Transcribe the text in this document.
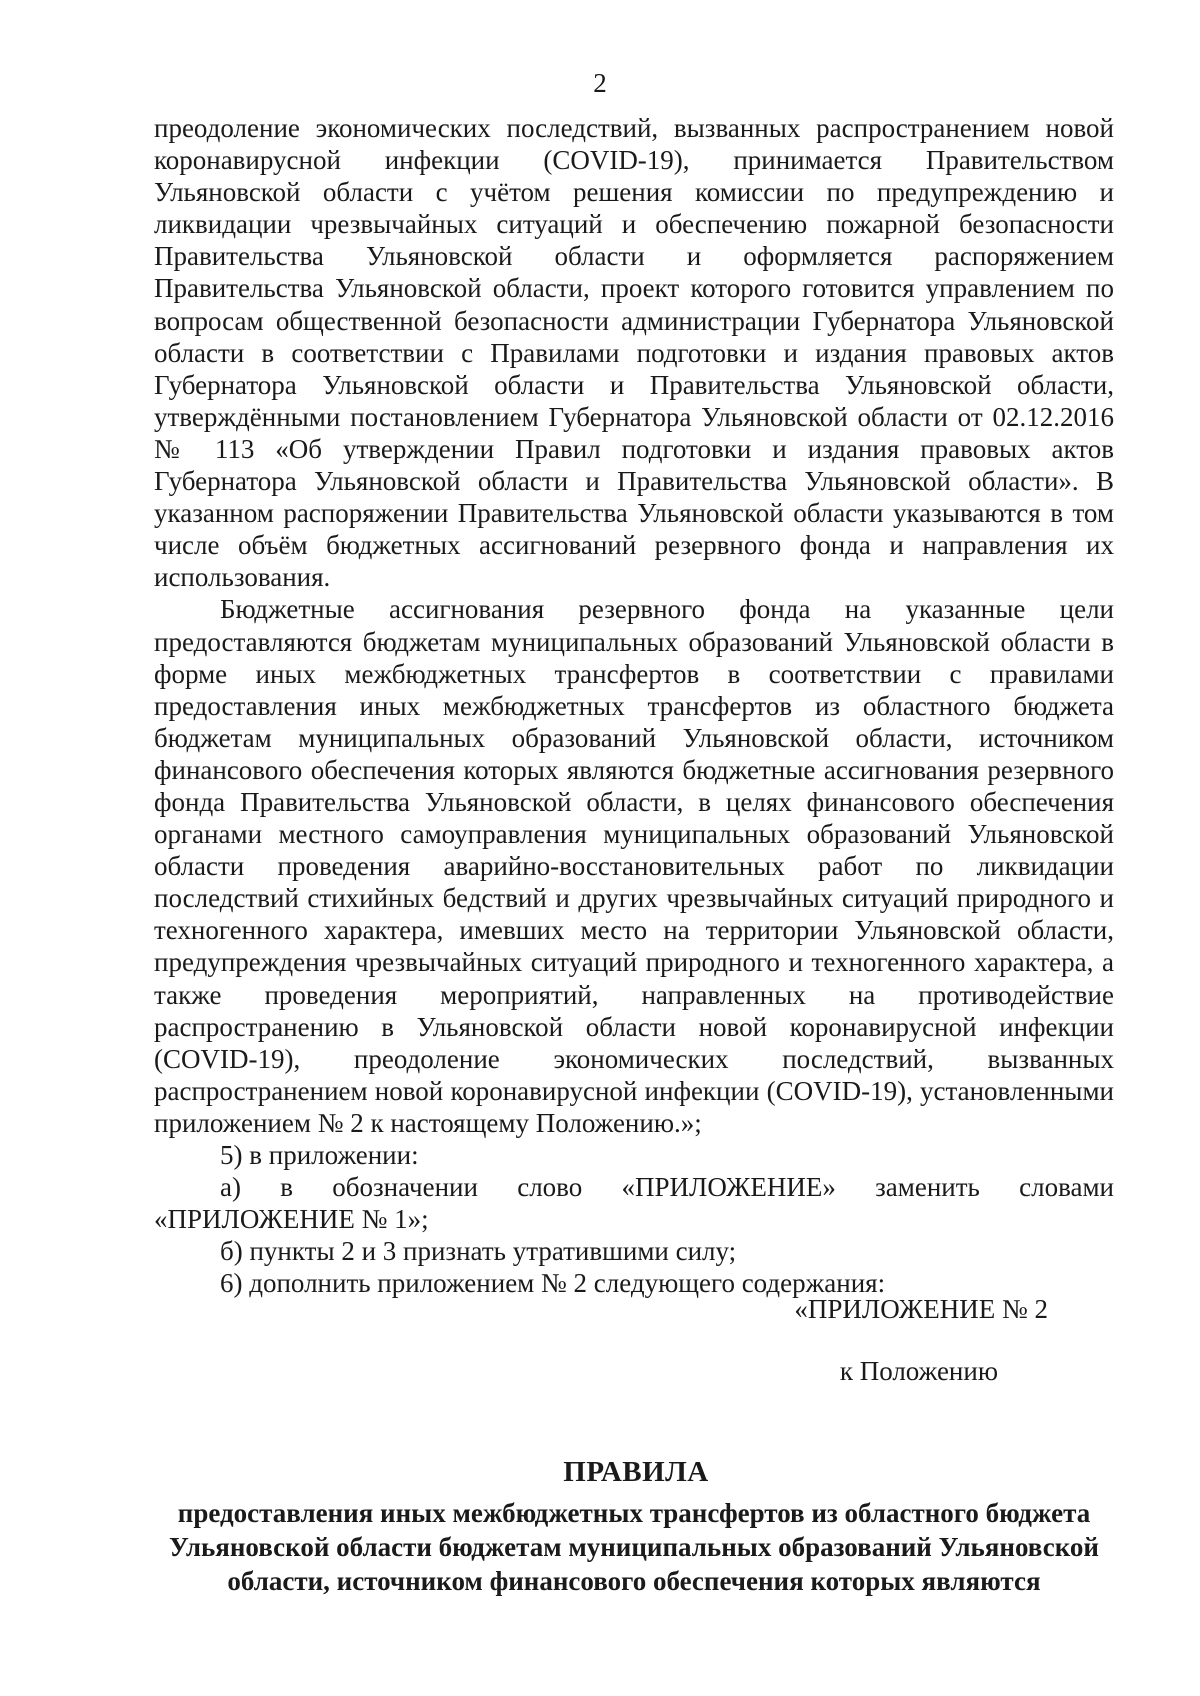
2

преодоление экономических последствий, вызванных распространением новой коронавирусной инфекции (COVID-19), принимается Правительством Ульяновской области с учётом решения комиссии по предупреждению и ликвидации чрезвычайных ситуаций и обеспечению пожарной безопасности Правительства Ульяновской области и оформляется распоряжением Правительства Ульяновской области, проект которого готовится управлением по вопросам общественной безопасности администрации Губернатора Ульяновской области в соответствии с Правилами подготовки и издания правовых актов Губернатора Ульяновской области и Правительства Ульяновской области, утверждёнными постановлением Губернатора Ульяновской области от 02.12.2016 № 113 «Об утверждении Правил подготовки и издания правовых актов Губернатора Ульяновской области и Правительства Ульяновской области». В указанном распоряжении Правительства Ульяновской области указываются в том числе объём бюджетных ассигнований резервного фонда и направления их использования.

Бюджетные ассигнования резервного фонда на указанные цели предоставляются бюджетам муниципальных образований Ульяновской области в форме иных межбюджетных трансфертов в соответствии с правилами предоставления иных межбюджетных трансфертов из областного бюджета бюджетам муниципальных образований Ульяновской области, источником финансового обеспечения которых являются бюджетные ассигнования резервного фонда Правительства Ульяновской области, в целях финансового обеспечения органами местного самоуправления муниципальных образований Ульяновской области проведения аварийно-восстановительных работ по ликвидации последствий стихийных бедствий и других чрезвычайных ситуаций природного и техногенного характера, имевших место на территории Ульяновской области, предупреждения чрезвычайных ситуаций природного и техногенного характера, а также проведения мероприятий, направленных на противодействие распространению в Ульяновской области новой коронавирусной инфекции (COVID-19), преодоление экономических последствий, вызванных распространением новой коронавирусной инфекции (COVID-19), установленными приложением № 2 к настоящему Положению.»;

5) в приложении:

а) в обозначении слово «ПРИЛОЖЕНИЕ» заменить словами «ПРИЛОЖЕНИЕ № 1»;

б) пункты 2 и 3 признать утратившими силу;

6) дополнить приложением № 2 следующего содержания:

«ПРИЛОЖЕНИЕ № 2
к Положению
ПРАВИЛА
предоставления иных межбюджетных трансфертов из областного бюджета Ульяновской области бюджетам муниципальных образований Ульяновской области, источником финансового обеспечения которых являются
